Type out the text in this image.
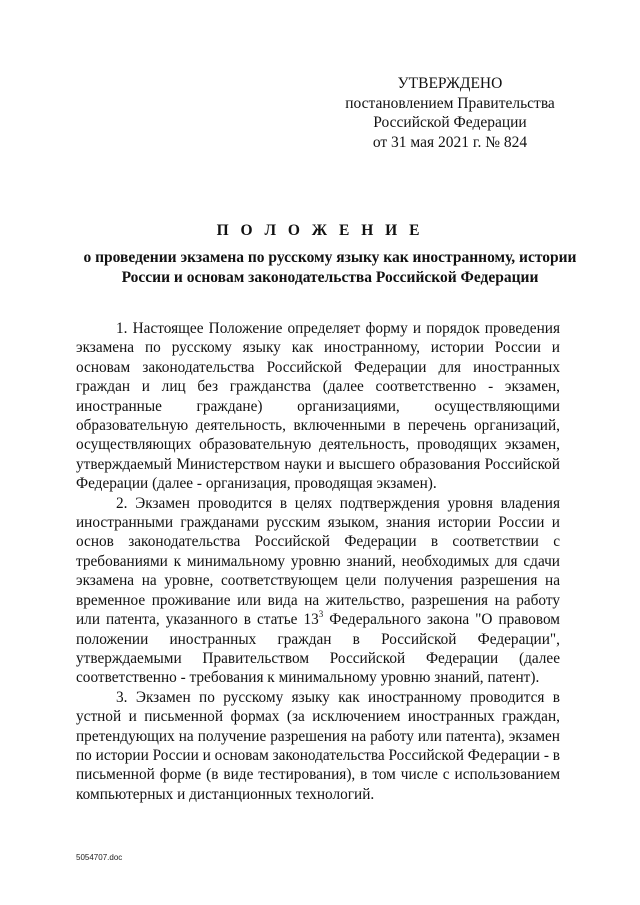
УТВЕРЖДЕНО
постановлением Правительства
Российской Федерации
от 31 мая 2021 г. № 824
П О Л О Ж Е Н И Е
о проведении экзамена по русскому языку как иностранному, истории
России и основам законодательства Российской Федерации

1. Настоящее Положение определяет форму и порядок проведения экзамена по русскому языку как иностранному, истории России и основам законодательства Российской Федерации для иностранных граждан и лиц без гражданства (далее соответственно - экзамен, иностранные граждане) организациями, осуществляющими образовательную деятельность, включенными в перечень организаций, осуществляющих образовательную деятельность, проводящих экзамен, утверждаемый Министерством науки и высшего образования Российской Федерации (далее - организация, проводящая экзамен).

2. Экзамен проводится в целях подтверждения уровня владения иностранными гражданами русским языком, знания истории России и основ законодательства Российской Федерации в соответствии с требованиями к минимальному уровню знаний, необходимых для сдачи экзамена на уровне, соответствующем цели получения разрешения на временное проживание или вида на жительство, разрешения на работу или патента, указанного в статье $13^3$ Федерального закона "О правовом положении иностранных граждан в Российской Федерации", утверждаемыми Правительством Российской Федерации (далее соответственно - требования к минимальному уровню знаний, патент).

3. Экзамен по русскому языку как иностранному проводится в устной и письменной формах (за исключением иностранных граждан, претендующих на получение разрешения на работу или патента), экзамен по истории России и основам законодательства Российской Федерации - в письменной форме (в виде тестирования), в том числе с использованием компьютерных и дистанционных технологий.

5054707.doc
